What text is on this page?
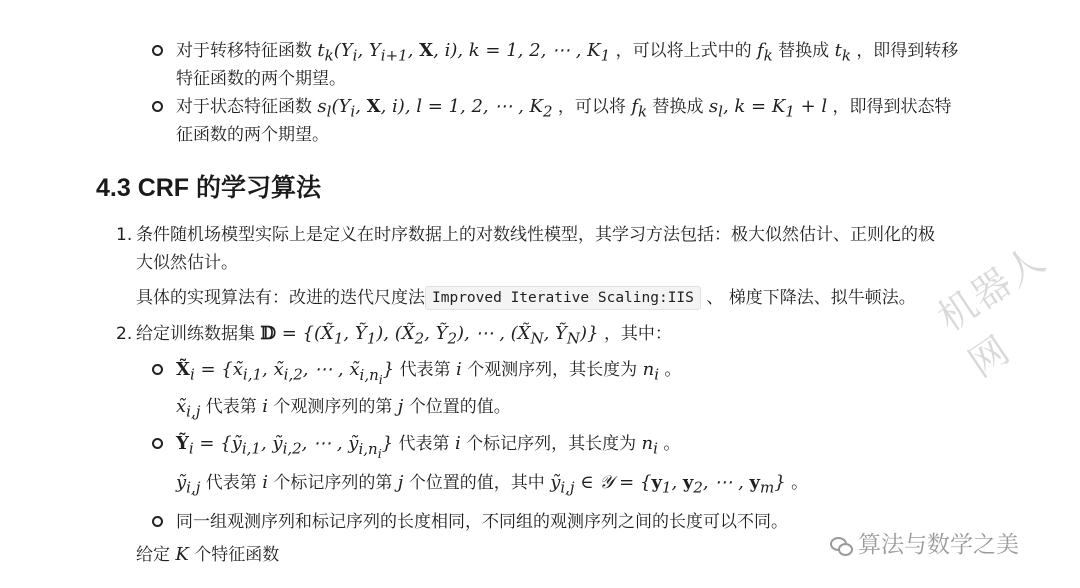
对于转移特征函数 $t_k(Y_i$, $Y_{i+1}$, X, i), k = 1, 2, ⋯ , $K_1$ ，可以将上式中的 $f_k$ 替换成 $t_k$ ，即得到转移
特征函数的两个期望。
对于状态特征函数 $s_l(Y_i$, X, i), l = 1, 2, ⋯ , $K_2$ ，可以将 $f_k$ 替换成 $s_l$, $k = K_1 + l$ ，即得到状态特
征函数的两个期望。
4.3 CRF 的学习算法
1. 条件随机场模型实际上是定义在时序数据上的对数线性模型，其学习方法包括：极大似然估计、正则化的极
大似然估计。
具体的实现算法有：改进的迭代尺度法 Improved Iterative Scaling:IIS 、 梯度下降法、拟牛顿法。
2. 给定训练数据集 𝔻 = {($X̃_1$, Ỹ$_1$), ($X̃_2$, Ỹ$_2$), ⋯ , ($X̃_N$, Ỹ$_N$)} ，其中：
$X̃_i$ = {$x̃_{i,1}$, $x̃_{i,2}$, ⋯ , $x̃_{i,n_i}$} 代表第 i 个观测序列，其长度为 $n_i$ 。
$x̃_{i,j}$ 代表第 i 个观测序列的第 j 个位置的值。
Ỹ$_i$ = {ỹ$_{i,1}$, ỹ$_{i,2}$, ⋯ , ỹ$_{i,n_i}$} 代表第 i 个标记序列，其长度为 $n_i$ 。
ỹ$_{i,j}$ 代表第 i 个标记序列的第 j 个位置的值，其中 ỹ$_{i,j}$ ∈ 𝒴 = {$y_1$, $y_2$, ⋯ , $y_m$} 。
同一组观测序列和标记序列的长度相同，不同组的观测序列之间的长度可以不同。
给定 K 个特征函数
机器人网
算法与数学之美
